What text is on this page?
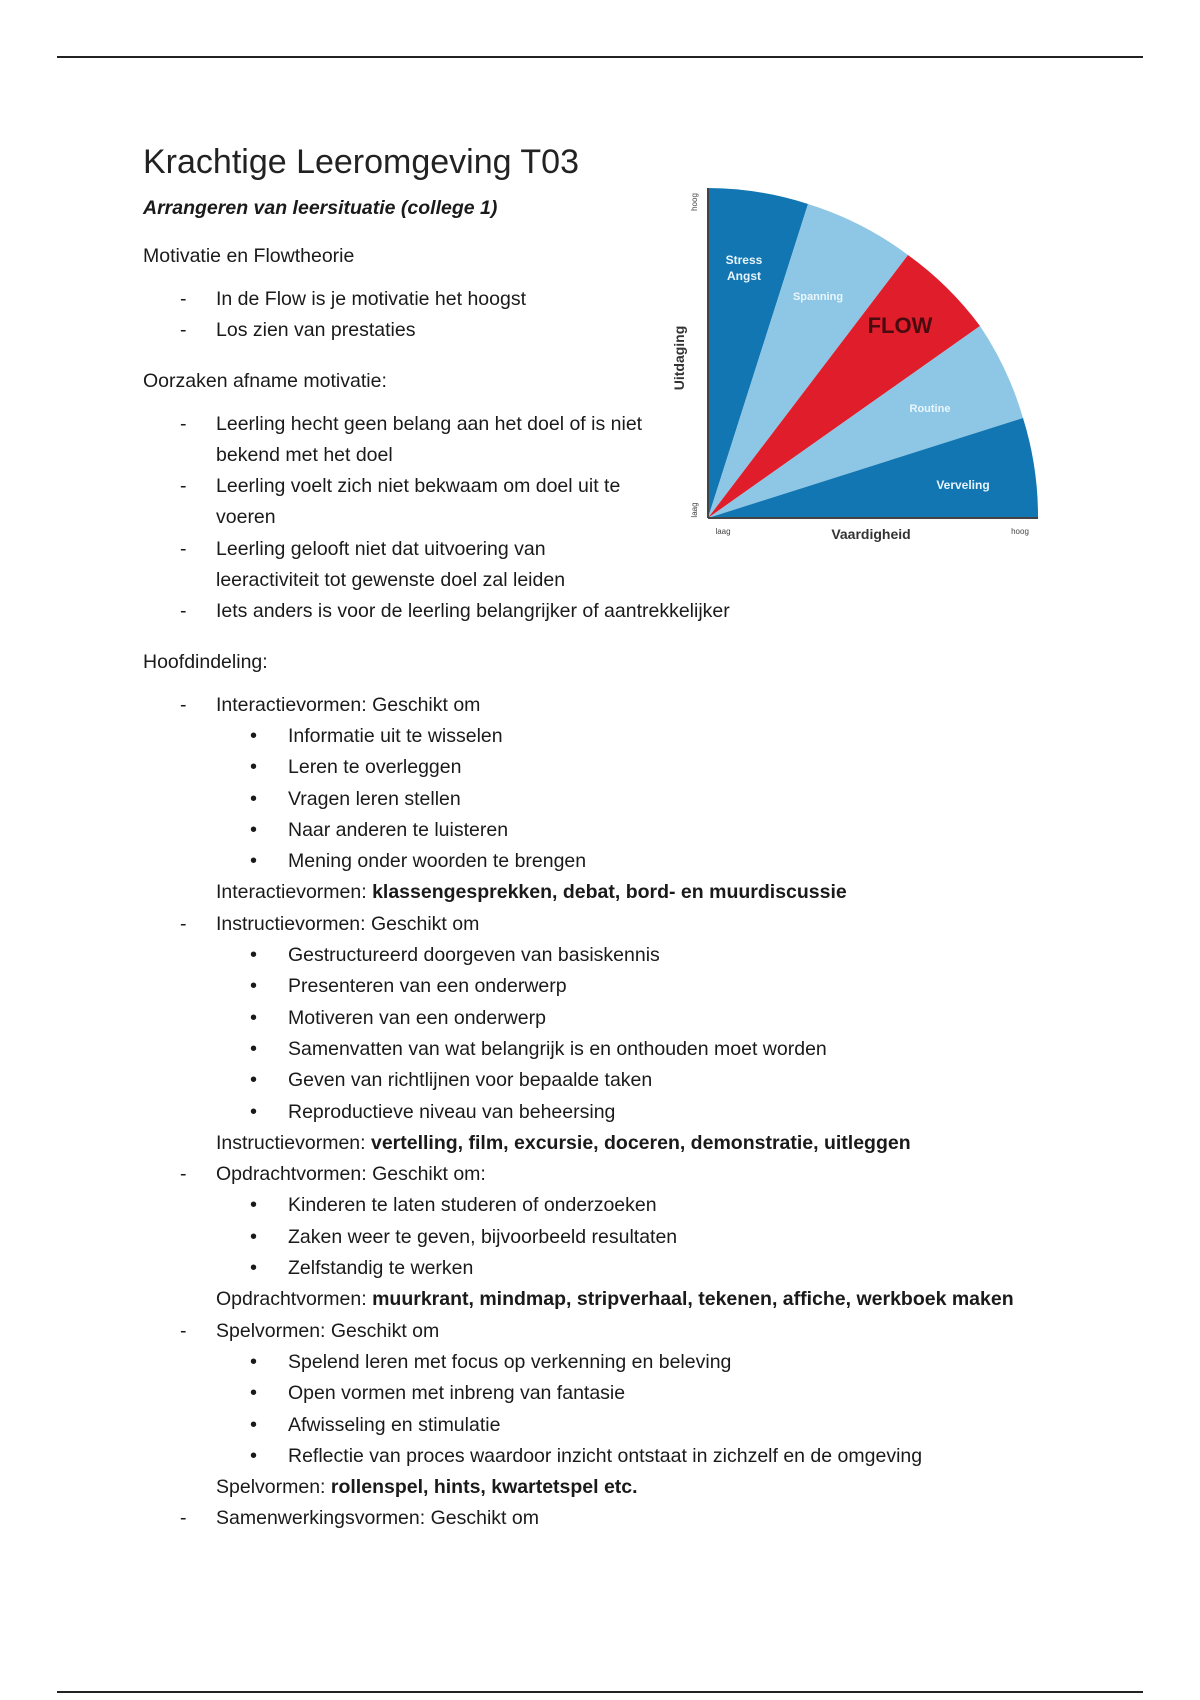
Krachtige Leeromgeving T03
Arrangeren van leersituatie (college 1)
Motivatie en Flowtheorie
- In de Flow is je motivatie het hoogst
- Los zien van prestaties
Oorzaken afname motivatie:
- Leerling hecht geen belang aan het doel of is niet bekend met het doel
- Leerling voelt zich niet bekwaam om doel uit te voeren
- Leerling gelooft niet dat uitvoering van leeractiviteit tot gewenste doel zal leiden
- Iets anders is voor de leerling belangrijker of aantrekkelijker
Hoofdindeling:
- Interactievormen: Geschikt om
• Informatie uit te wisselen
• Leren te overleggen
• Vragen leren stellen
• Naar anderen te luisteren
• Mening onder woorden te brengen
Interactievormen: klassengesprekken, debat, bord- en muurdiscussie
- Instructievormen: Geschikt om
• Gestructureerd doorgeven van basiskennis
• Presenteren van een onderwerp
• Motiveren van een onderwerp
• Samenvatten van wat belangrijk is en onthouden moet worden
• Geven van richtlijnen voor bepaalde taken
• Reproductieve niveau van beheersing
Instructievormen: vertelling, film, excursie, doceren, demonstratie, uitleggen
- Opdrachtvormen: Geschikt om:
• Kinderen te laten studeren of onderzoeken
• Zaken weer te geven, bijvoorbeeld resultaten
• Zelfstandig te werken
Opdrachtvormen: muurkrant, mindmap, stripverhaal, tekenen, affiche, werkboek maken
- Spelvormen: Geschikt om
• Spelend leren met focus op verkenning en beleving
• Open vormen met inbreng van fantasie
• Afwisseling en stimulatie
• Reflectie van proces waardoor inzicht ontstaat in zichzelf en de omgeving
Spelvormen: rollenspel, hints, kwartetspel etc.
- Samenwerkingsvormen: Geschikt om
Stress Angst
Spanning
FLOW
Routine
Verveling
Uitdaging
hoog
laag
laag	Vaardigheid	hoog
